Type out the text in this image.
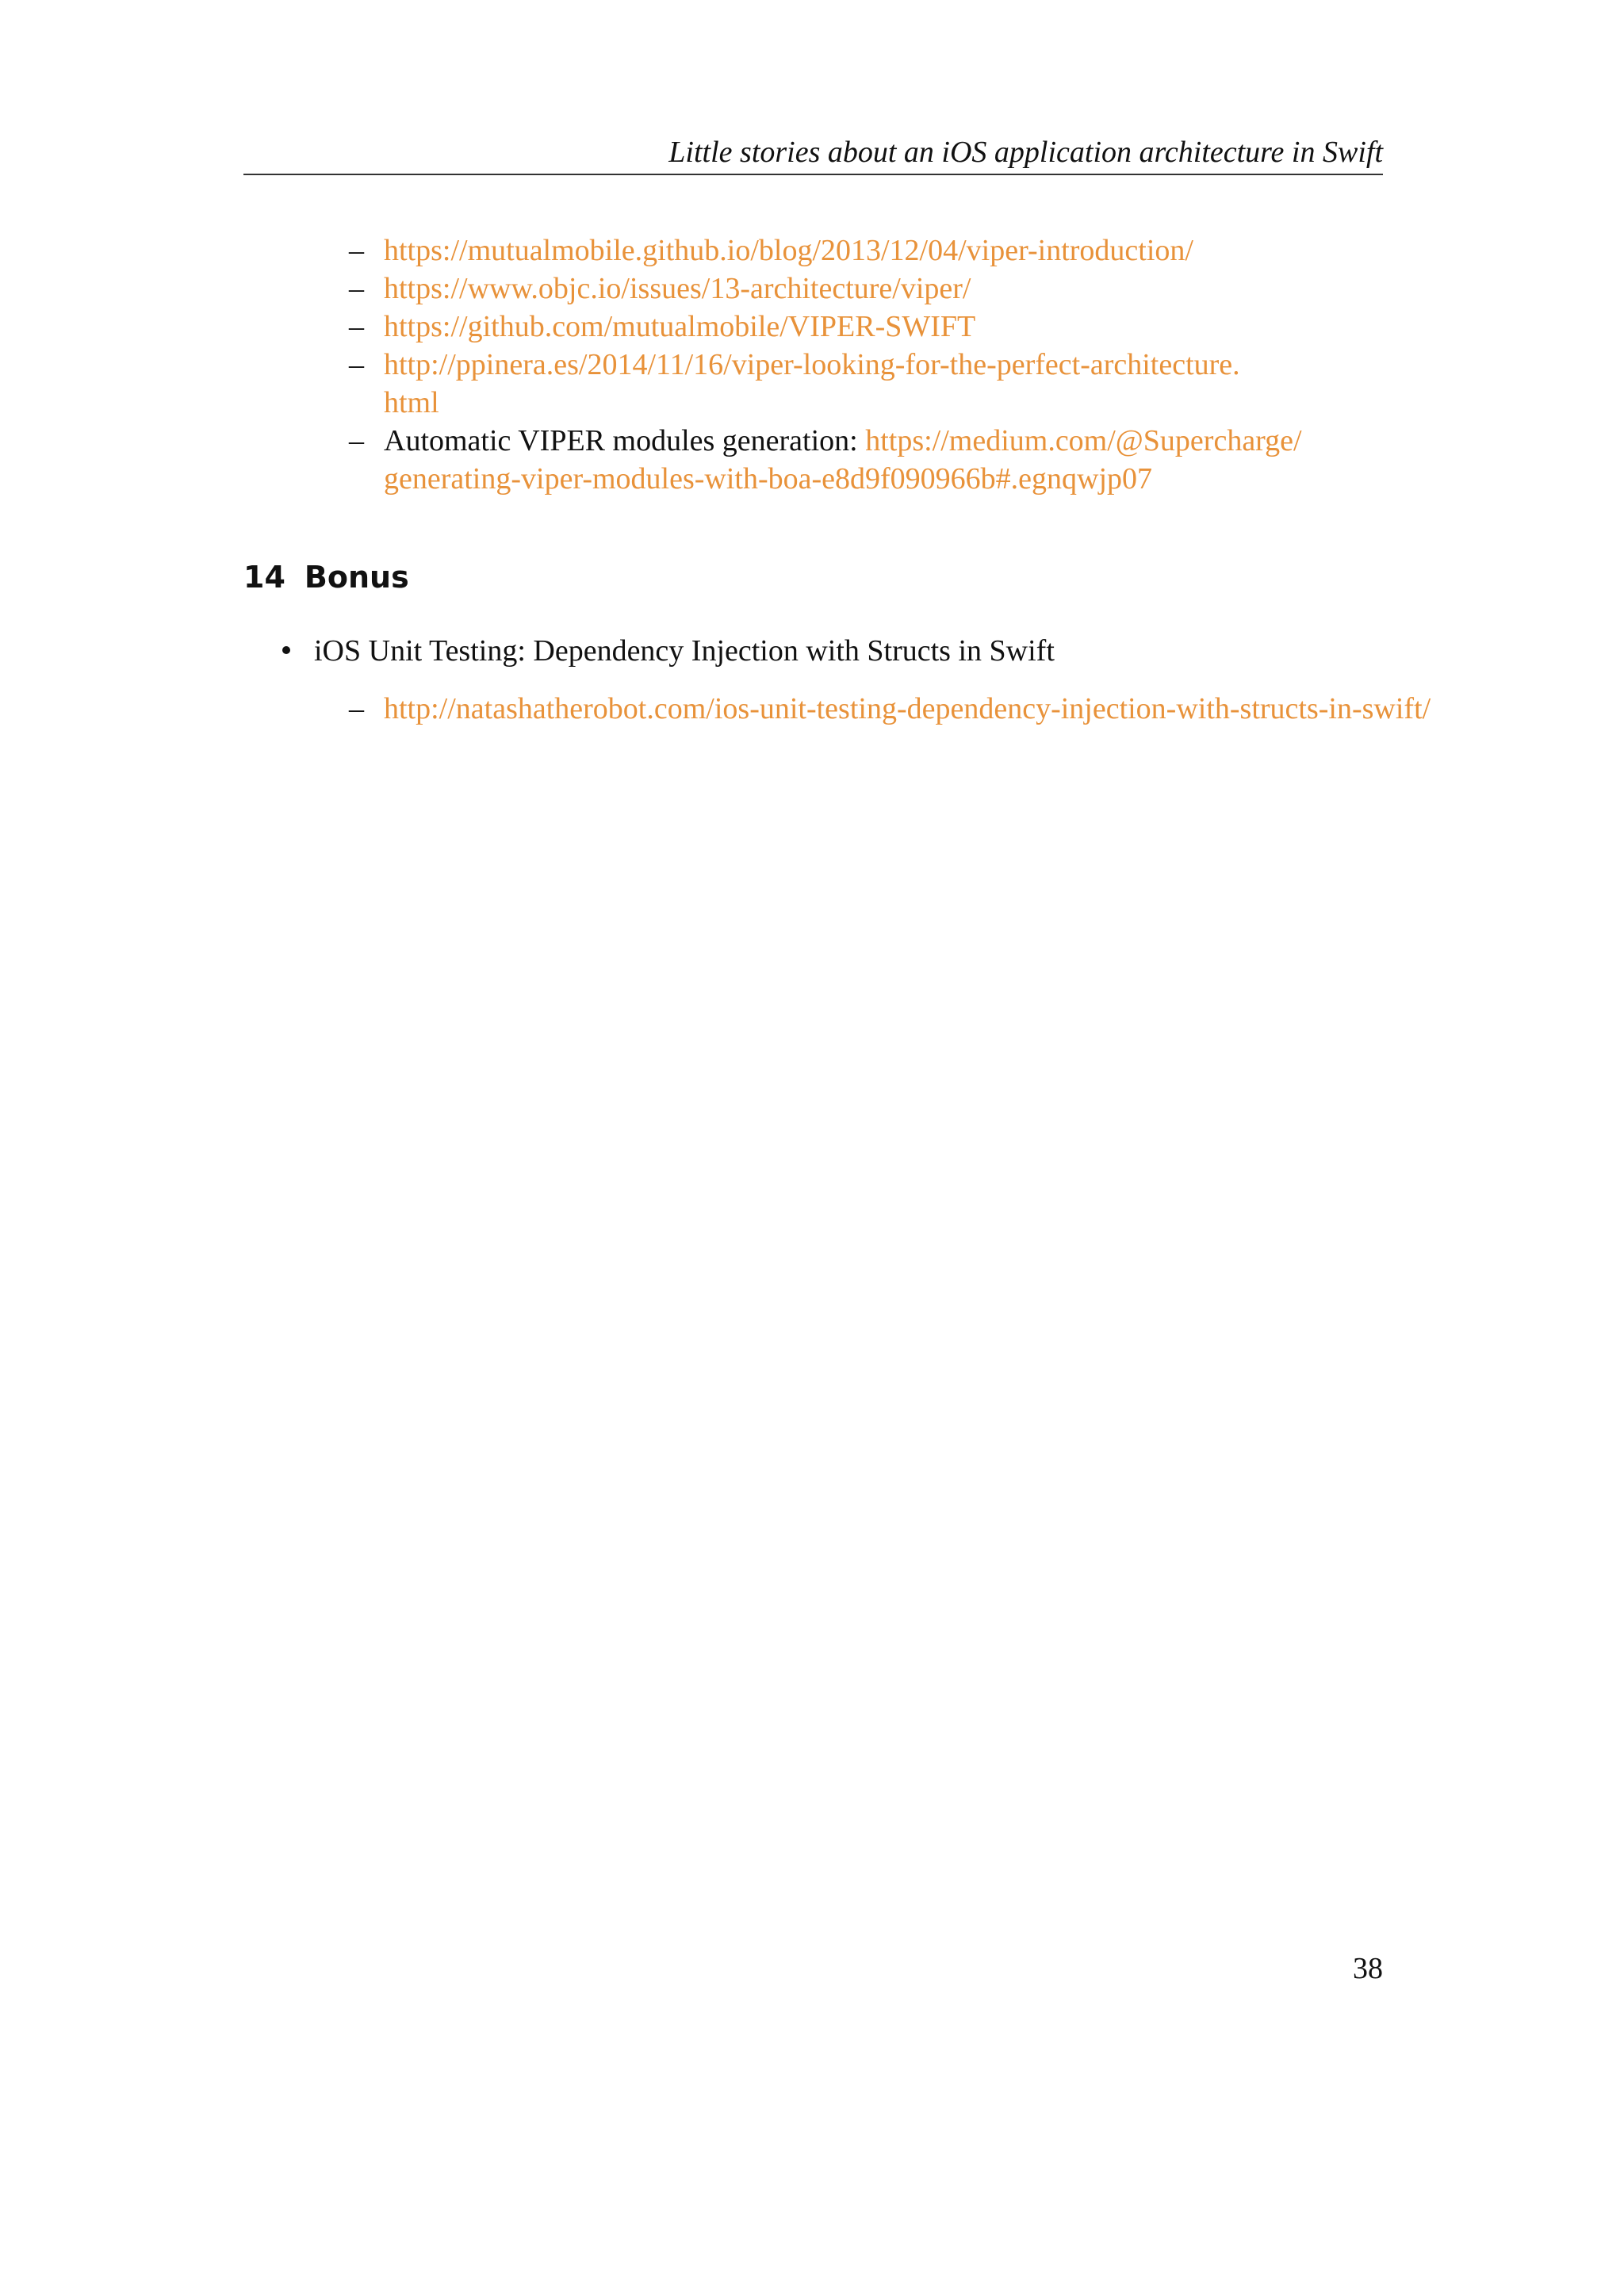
Little stories about an iOS application architecture in Swift
– https://mutualmobile.github.io/blog/2013/12/04/viper-introduction/
– https://www.objc.io/issues/13-architecture/viper/
– https://github.com/mutualmobile/VIPER-SWIFT
– http://ppinera.es/2014/11/16/viper-looking-for-the-perfect-architecture.
html
– Automatic VIPER modules generation: https://medium.com/@Supercharge/
generating-viper-modules-with-boa-e8d9f090966b#.egnqwjp07
14 Bonus
iOS Unit Testing: Dependency Injection with Structs in Swift
– http://natashatherobot.com/ios-unit-testing-dependency-injection-with-structs-in-swift/
38
